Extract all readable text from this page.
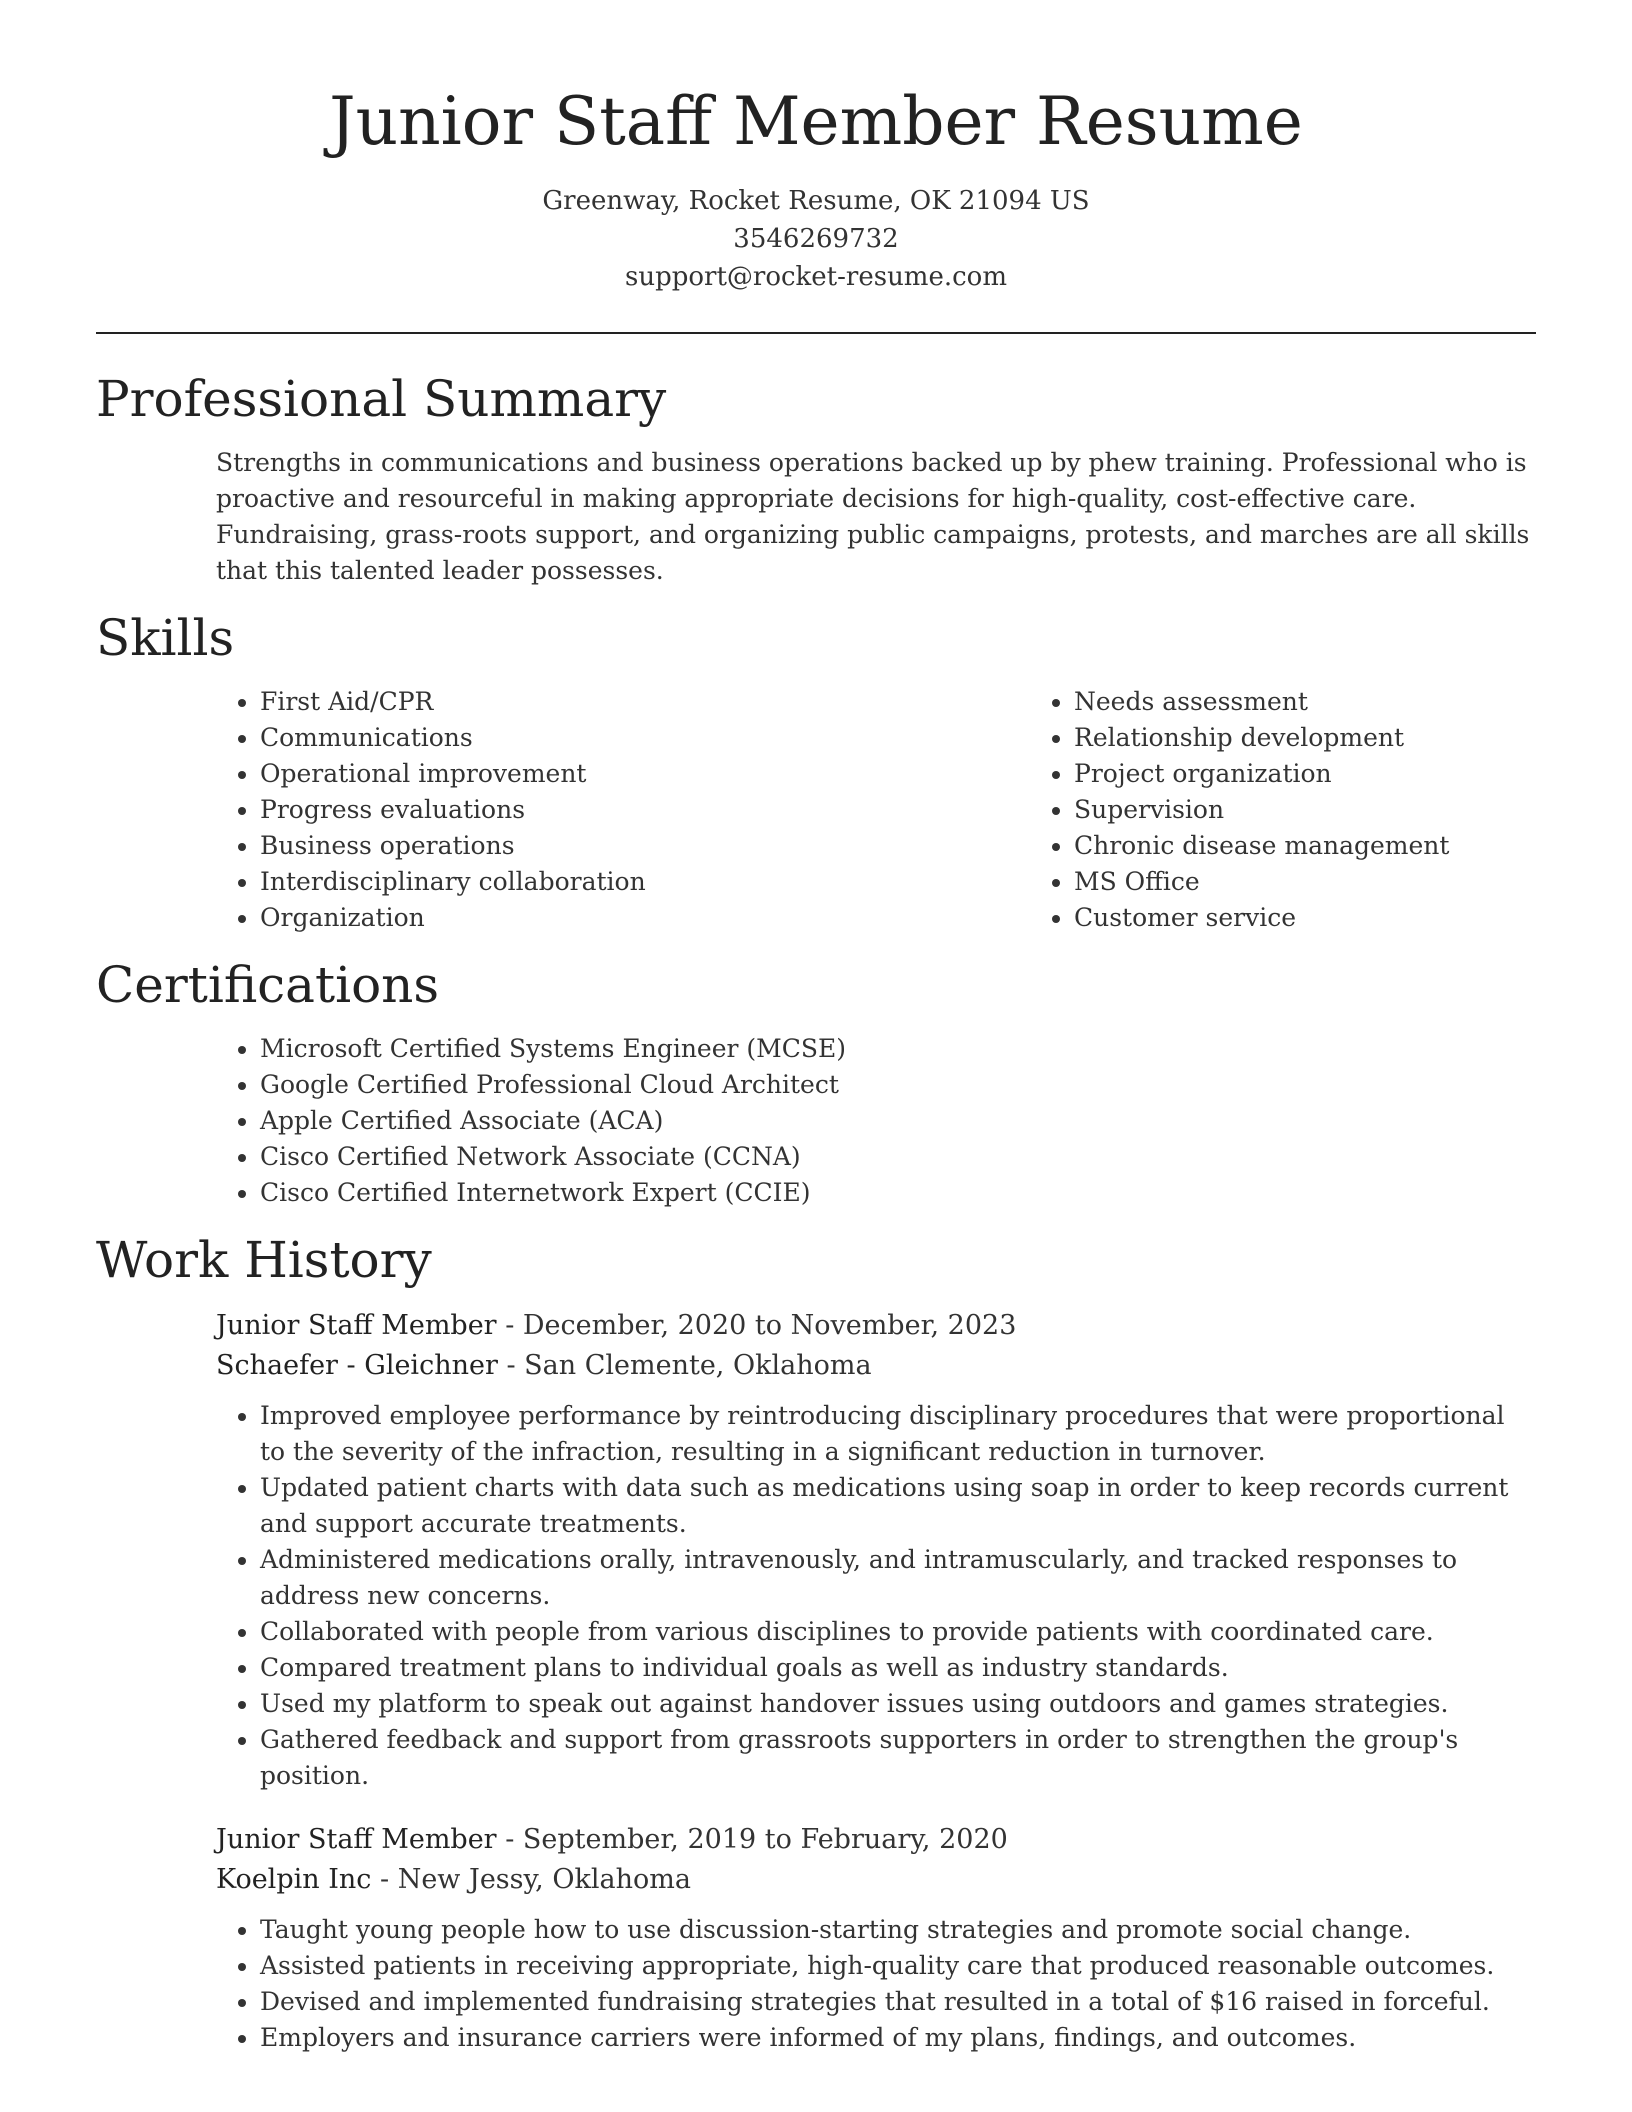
Junior Staff Member Resume
Greenway, Rocket Resume, OK 21094 US
3546269732
support@rocket-resume.com
Professional Summary

Strengths in communications and business operations backed up by phew training. Professional who is proactive and resourceful in making appropriate decisions for high-quality, cost-effective care. Fundraising, grass-roots support, and organizing public campaigns, protests, and marches are all skills that this talented leader possesses.

Skills
• First Aid/CPR
• Communications
• Operational improvement
• Progress evaluations
• Business operations
• Interdisciplinary collaboration
• Organization
• Needs assessment
• Relationship development
• Project organization
• Supervision
• Chronic disease management
• MS Office
• Customer service
Certifications
• Microsoft Certified Systems Engineer (MCSE)
• Google Certified Professional Cloud Architect
• Apple Certified Associate (ACA)
• Cisco Certified Network Associate (CCNA)
• Cisco Certified Internetwork Expert (CCIE)
Work History
Junior Staff Member - December, 2020 to November, 2023
Schaefer - Gleichner - San Clemente, Oklahoma
• Improved employee performance by reintroducing disciplinary procedures that were proportional to the severity of the infraction, resulting in a significant reduction in turnover.
• Updated patient charts with data such as medications using soap in order to keep records current and support accurate treatments.
• Administered medications orally, intravenously, and intramuscularly, and tracked responses to address new concerns.
• Collaborated with people from various disciplines to provide patients with coordinated care.
• Compared treatment plans to individual goals as well as industry standards.
• Used my platform to speak out against handover issues using outdoors and games strategies.
• Gathered feedback and support from grassroots supporters in order to strengthen the group's position.
Junior Staff Member - September, 2019 to February, 2020
Koelpin Inc - New Jessy, Oklahoma
• Taught young people how to use discussion-starting strategies and promote social change.
• Assisted patients in receiving appropriate, high-quality care that produced reasonable outcomes.
• Devised and implemented fundraising strategies that resulted in a total of $16 raised in forceful.
• Employers and insurance carriers were informed of my plans, findings, and outcomes.
